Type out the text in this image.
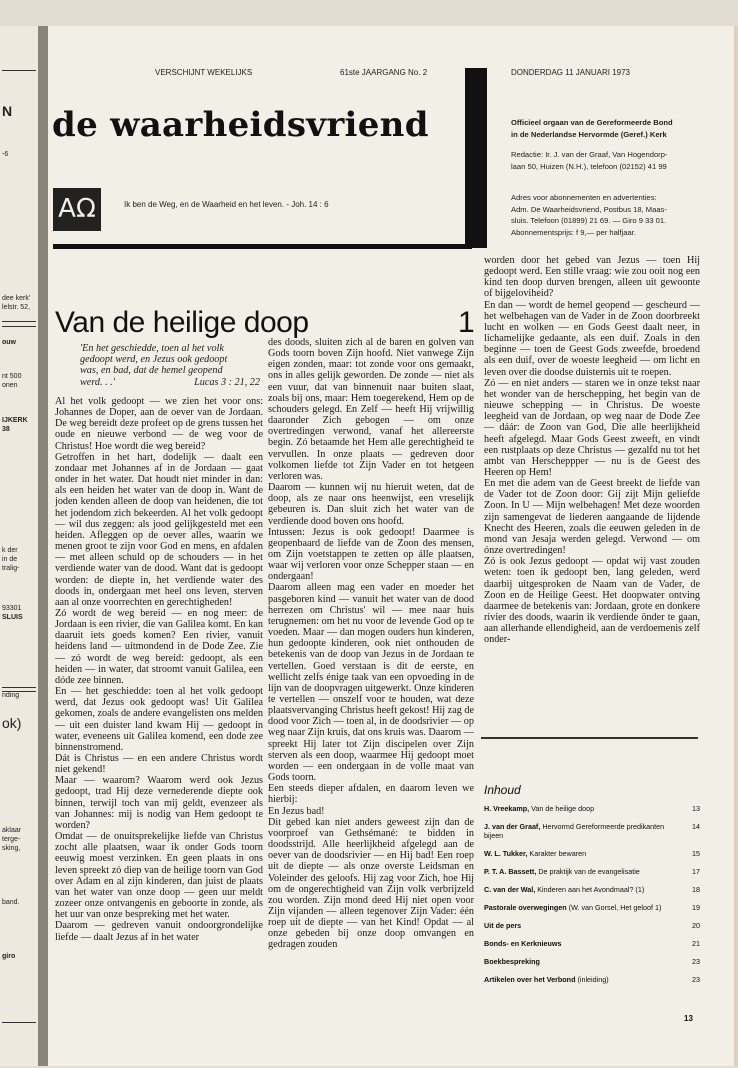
N
-6
dee kerk'
lelstr. 52,
ouw
nt 500
onen
IJKERK
38
k der
in de
tralig-
93301
SLUIS
nding
ok)
aklaar
terge-
sking,
band.
giro
VERSCHIJNT WEKELIJKS	61ste JAARGANG No. 2	DONDERDAG 11 JANUARI 1973
de waarheidsvriend
ΑΩ	Ik ben de Weg, en de Waarheid en het leven. - Joh. 14 : 6
Officieel orgaan van de Gereformeerde Bond
in de Nederlandse Hervormde (Geref.) Kerk
Redactie: Ir. J. van der Graaf, Van Hogendorp-
laan 50, Huizen (N.H.), telefoon (02152) 41 99
Adres voor abonnementen en advertenties:
Adm. De Waarheidsvriend, Postbus 18, Maas-
sluis. Telefoon (01899) 21 69. — Giro 9 33 01.
Abonnementsprijs: f 9,— per halfjaar.
Van de heilige doop	1
'En het geschiedde, toen al het volk
gedoopt werd, en Jezus ook gedoopt
was, en bad, dat de hemel geopend
werd. . .'	Lucas 3 : 21, 22

Al het volk gedoopt — we zien het voor ons: Johannes de Doper, aan de oever van de Jordaan. De weg bereidt deze profeet op de grens tussen het oude en nieuwe verbond — de weg voor de Christus! Hoe wordt die weg bereid?

Getroffen in het hart, dodelijk — daalt een zondaar met Johannes af in de Jordaan — gaat onder in het water. Dat houdt niet minder in dan: als een heiden het water van de doop in. Want de joden kenden alleen de doop van heidenen, die tot het jodendom zich bekeerden. Al het volk gedoopt — wil dus zeggen: als jood gelijkgesteld met een heiden. Afleggen op de oever alles, waarin we menen groot te zijn voor God en mens, en afdalen — met alleen schuld op de schouders — in het verdiende water van de dood. Want dat is gedoopt worden: de diepte in, het verdiende water des doods in, ondergaan met heel ons leven, sterven aan al onze voorrechten en gerechtigheden!

Zó wordt de weg bereid — en nog meer: de Jordaan is een rivier, die van Galilea komt. En kan daaruit iets goeds komen? Een rivier, vanuit heidens land — uitmondend in de Dode Zee. Zie — zó wordt de weg bereid: gedoopt, als een heiden — in water, dat stroomt vanuit Galilea, een dóde zee binnen.

En — het geschiedde: toen al het volk gedoopt werd, dat Jezus ook gedoopt was! Uit Galilea gekomen, zoals de andere evangelisten ons melden — uit een duister land kwam Hij — gedoopt in water, eveneens uit Galilea komend, een dode zee binnenstromend.

Dát is Christus — en een andere Christus wordt niet gekend!

Maar — waarom? Waarom werd ook Jezus gedoopt, trad Hij deze vernederende diepte ook binnen, terwijl toch van mij geldt, evenzeer als van Johannes: mij is nodig van Hem gedoopt te worden?

Omdat — de onuitsprekelijke liefde van Christus zocht alle plaatsen, waar ik onder Gods toorn eeuwig moest verzinken. En geen plaats in ons leven spreekt zó diep van de heilige toorn van God over Adam en al zijn kinderen, dan juist de plaats van het water van onze doop — geen uur meldt zozeer onze ontvangenis en geboorte in zonde, als het uur van onze bespreking met het water.

Daarom — gedreven vanuit ondoorgrondelijke liefde — daalt Jezus af in het water

des doods, sluiten zich al de baren en golven van Gods toorn boven Zijn hoofd. Niet vanwege Zijn eigen zonden, maar: tot zonde voor ons gemaakt, ons in alles gelijk geworden. De zonde — niet als een vuur, dat van binnenuit naar buiten slaat, zoals bij ons, maar: Hem toegerekend, Hem op de schouders gelegd. En Zelf — heeft Hij vrijwillig daaronder Zich gebogen — om onze overtredingen verwond, vanaf het allereerste begin. Zó betaamde het Hem alle gerechtigheid te vervullen. In onze plaats — gedreven door volkomen liefde tot Zijn Vader en tot hetgeen verloren was.

Daarom — kunnen wij nu hieruit weten, dat de doop, als ze naar ons heenwijst, een vreselijk gebeuren is. Dan sluit zich het water van de verdiende dood boven ons hoofd.

Intussen: Jezus is ook gedoopt! Daarmee is geopenbaard de liefde van de Zoon des mensen, om Zijn voetstappen te zetten op álle plaatsen, waar wij verloren voor onze Schepper staan — en ondergaan!

Daarom alleen mag een vader en moeder het pasgeboren kind — vanuit het water van de dood herrezen om Christus' wil — mee naar huis terugnemen: om het nu voor de levende God op te voeden. Maar — dan mogen ouders hun kinderen, hun gedoopte kinderen, ook niet onthouden de betekenis van de doop van Jezus in de Jordaan te vertellen. Goed verstaan is dit de eerste, en wellicht zelfs énige taak van een opvoeding in de lijn van de doopvragen uitgewerkt. Onze kinderen te vertellen — onszelf voor te houden, wat deze plaatsvervanging Christus heeft gekost! Hij zag de dood voor Zich — toen al, in de doodsrivier — op weg naar Zijn kruis, dat ons kruis was. Daarom — spreekt Hij later tot Zijn discipelen over Zijn sterven als een doop, waarmee Hij gedoopt moet worden — een ondergaan in de volle maat van Gods toorn.

Een steeds dieper afdalen, en daarom leven we hierbij:

En Jezus bad!

Dit gebed kan niet anders geweest zijn dan de voorproef van Gethsémané: te bidden in doodsstrijd. Alle heerlijkheid afgelegd aan de oever van de doodsrivier — en Hij bad! Een roep uit de diepte — als onze overste Leidsman en Voleinder des geloofs. Hij zag voor Zich, hoe Hij om de ongerechtigheid van Zijn volk verbrijzeld zou worden. Zijn mond deed Hij niet open voor Zijn vijanden — alleen tegenover Zijn Vader: één roep uit de diepte — van het Kind! Opdat — al onze gebeden bij onze doop omvangen en gedragen zouden

worden door het gebed van Jezus — toen Hij gedoopt werd. Een stille vraag: wie zou ooit nog een kind ten doop durven brengen, alleen uit gewoonte of bijgeloviheid?

En dan — wordt de hemel geopend — gescheurd — het welbehagen van de Vader in de Zoon doorbreekt lucht en wolken — en Gods Geest daalt neer, in lichamelijke gedaante, als een duif. Zoals in den beginne — toen de Geest Gods zweefde, broedend als een duif, over de woeste leegheid — om licht en leven over die doodse duisternis uit te roepen.

Zó — en niet anders — staren we in onze tekst naar het wonder van de herschepping, het begin van de nieuwe schepping — in Christus. De woeste leegheid van de Jordaan, op weg naar de Dode Zee — dáár: de Zoon van God, Die alle heerlijkheid heeft afgelegd. Maar Gods Geest zweeft, en vindt een rustplaats op deze Christus — gezalfd nu tot het ambt van Herscheppper — nu is de Geest des Heeren op Hem!

En met die adem van de Geest breekt de liefde van de Vader tot de Zoon door: Gij zijt Mijn geliefde Zoon. In U — Mijn welbehagen! Met deze woorden zijn samengevat de liederen aangaande de lijdende Knecht des Heeren, zoals die eeuwen geleden in de mond van Jesaja werden gelegd. Verwond — om ónze overtredingen!

Zó is ook Jezus gedoopt — opdat wij vast zouden weten: toen ik gedoopt ben, lang geleden, werd daarbij uitgesproken de Naam van de Vader, de Zoon en de Heilige Geest. Het doopwater ontving daarmee de betekenis van: Jordaan, grote en donkere rivier des doods, waarin ik verdiende önder te gaan, aan allerhande ellendigheid, aan de verdoemenis zelf onder-

Inhoud
H. Vreekamp, Van de heilige doop	13
J. van der Graaf, Hervormd Gereformeerde predikanten bijeen
14
W. L. Tukker, Karakter bewaren	15
P. T. A. Bassett, De praktijk van de evangelisatie	17
C. van der Wal, Kinderen aan het Avondmaal? (1)	18
Pastorale overwegingen (W. van Gorsel, Het geloof 1)	19
Uit de pers	20
Bonds- en Kerknieuws	21
Boekbespreking	23
Artikelen over het Verbond (inleiding)	23
13
